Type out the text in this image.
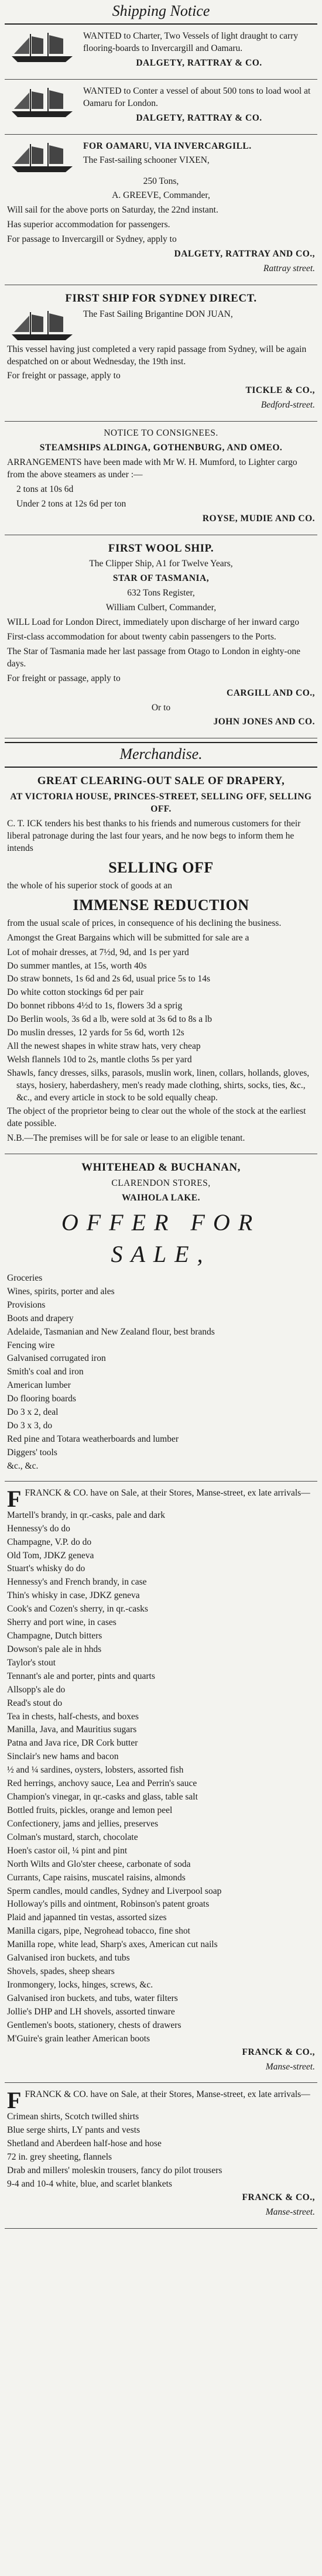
Shipping Notice

WANTED to Charter, Two Vessels of light draught to carry flooring-boards to Invercargill and Oamaru.

DALGETY, RATTRAY & CO.

WANTED to Conter a vessel of about 500 tons to load wool at Oamaru for London.

DALGETY, RATTRAY & CO.

FOR OAMARU, VIA INVERCARGILL.

The Fast-sailing schooner VIXEN,

250 Tons,

A. GREEVE, Commander,

Will sail for the above ports on Saturday, the 22nd instant.

Has superior accommodation for passengers.

For passage to Invercargill or Sydney, apply to

DALGETY, RATTRAY AND CO.,

Rattray street.

FIRST SHIP FOR SYDNEY DIRECT.

The Fast Sailing Brigantine DON JUAN,

This vessel having just completed a very rapid passage from Sydney, will be again despatched on or about Wednesday, the 19th inst.

For freight or passage, apply to

TICKLE & CO.,

Bedford-street.

NOTICE TO CONSIGNEES.

STEAMSHIPS ALDINGA, GOTHENBURG, AND OMEO.

ARRANGEMENTS have been made with Mr W. H. Mumford, to Lighter cargo from the above steamers as under :—

2 tons at 10s 6d

Under 2 tons at 12s 6d per ton

ROYSE, MUDIE AND CO.

FIRST WOOL SHIP.

The Clipper Ship, A1 for Twelve Years,

STAR OF TASMANIA,

632 Tons Register,

William Culbert, Commander,

WILL Load for London Direct, immediately upon discharge of her inward cargo

First-class accommodation for about twenty cabin passengers to the Ports.

The Star of Tasmania made her last passage from Otago to London in eighty-one days.

For freight or passage, apply to

CARGILL AND CO.,

Or to

JOHN JONES AND CO.

Merchandise.

GREAT CLEARING-OUT SALE OF DRAPERY,

AT VICTORIA HOUSE, PRINCES-STREET, SELLING OFF, SELLING OFF.

C. T. ICK tenders his best thanks to his friends and numerous customers for their liberal patronage during the last four years, and he now begs to inform them he intends

SELLING OFF

the whole of his superior stock of goods at an

IMMENSE REDUCTION

from the usual scale of prices, in consequence of his declining the business.

Amongst the Great Bargains which will be submitted for sale are a

Lot of mohair dresses, at 7½d, 9d, and 1s per yard

Do summer mantles, at 15s, worth 40s

Do straw bonnets, 1s 6d and 2s 6d, usual price 5s to 14s

Do white cotton stockings 6d per pair

Do bonnet ribbons 4½d to 1s, flowers 3d a sprig

Do Berlin wools, 3s 6d a lb, were sold at 3s 6d to 8s a lb

Do muslin dresses, 12 yards for 5s 6d, worth 12s

All the newest shapes in white straw hats, very cheap

Welsh flannels 10d to 2s, mantle cloths 5s per yard

Shawls, fancy dresses, silks, parasols, muslin work, linen, collars, hollands, gloves, stays, hosiery, haberdashery, men's ready made clothing, shirts, socks, ties, &c., &c., and every article in stock to be sold equally cheap.

The object of the proprietor being to clear out the whole of the stock at the earliest date possible.

N.B.—The premises will be for sale or lease to an eligible tenant.

WHITEHEAD & BUCHANAN,

CLARENDON STORES,

WAIHOLA LAKE.

OFFER FOR SALE,

Groceries

Wines, spirits, porter and ales

Provisions

Boots and drapery

Adelaide, Tasmanian and New Zealand flour, best brands

Fencing wire

Galvanised corrugated iron

Smith's coal and iron

American lumber

Do flooring boards

Do 3 x 2, deal

Do 3 x 3, do

Red pine and Totara weatherboards and lumber

Diggers' tools

&c., &c.

FFRANCK & CO. have on Sale, at their Stores, Manse-street, ex late arrivals—

Martell's brandy, in qr.-casks, pale and dark

Hennessy's do do

Champagne, V.P. do do

Old Tom, JDKZ geneva

Stuart's whisky do do

Hennessy's and French brandy, in case

Thin's whisky in case, JDKZ geneva

Cook's and Cozen's sherry, in qr.-casks

Sherry and port wine, in cases

Champagne, Dutch bitters

Dowson's pale ale in hhds

Taylor's stout

Tennant's ale and porter, pints and quarts

Allsopp's ale do

Read's stout do

Tea in chests, half-chests, and boxes

Manilla, Java, and Mauritius sugars

Patna and Java rice, DR Cork butter

Sinclair's new hams and bacon

½ and ¼ sardines, oysters, lobsters, assorted fish

Red herrings, anchovy sauce, Lea and Perrin's sauce

Champion's vinegar, in qr.-casks and glass, table salt

Bottled fruits, pickles, orange and lemon peel

Confectionery, jams and jellies, preserves

Colman's mustard, starch, chocolate

Hoen's castor oil, ¼ pint and pint

North Wilts and Glo'ster cheese, carbonate of soda

Currants, Cape raisins, muscatel raisins, almonds

Sperm candles, mould candles, Sydney and Liverpool soap

Holloway's pills and ointment, Robinson's patent groats

Plaid and japanned tin vestas, assorted sizes

Manilla cigars, pipe, Negrohead tobacco, fine shot

Manilla rope, white lead, Sharp's axes, American cut nails

Galvanised iron buckets, and tubs

Shovels, spades, sheep shears

Ironmongery, locks, hinges, screws, &c.

Galvanised iron buckets, and tubs, water filters

Jollie's DHP and LH shovels, assorted tinware

Gentlemen's boots, stationery, chests of drawers

M'Guire's grain leather American boots

FRANCK & CO.,

Manse-street.

FFRANCK & CO. have on Sale, at their Stores, Manse-street, ex late arrivals—

Crimean shirts, Scotch twilled shirts

Blue serge shirts, LY pants and vests

Shetland and Aberdeen half-hose and hose

72 in. grey sheeting, flannels

Drab and millers' moleskin trousers, fancy do pilot trousers

9-4 and 10-4 white, blue, and scarlet blankets

FRANCK & CO.,

Manse-street.
